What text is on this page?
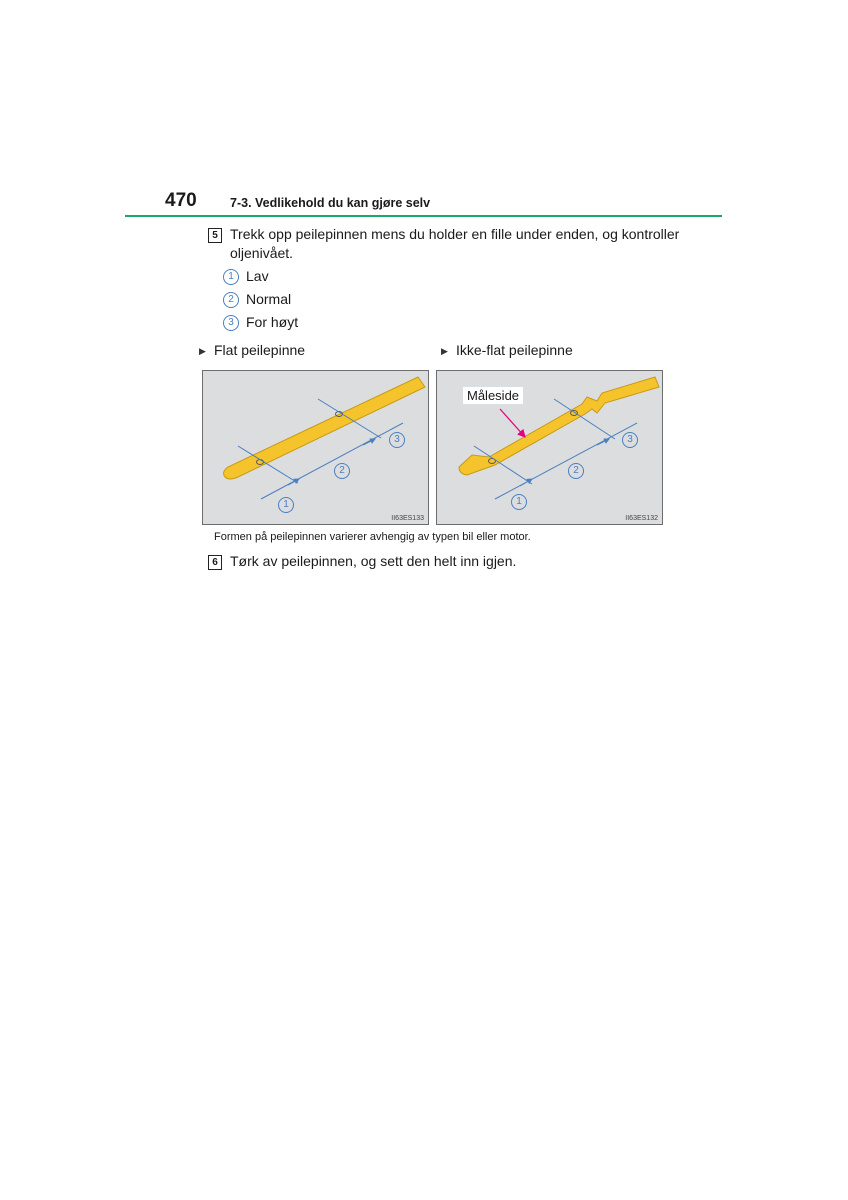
470	7-3. Vedlikehold du kan gjøre selv
5 Trekk opp peilepinnen mens du holder en fille under enden, og kontroller
oljenivået.
1 Lav
2 Normal
3 For høyt
▶ Flat peilepinne	▶ Ikke-flat peilepinne
1
2
3
II63ES133
Måleside
1
2
3
II63ES132
Formen på peilepinnen varierer avhengig av typen bil eller motor.
6 Tørk av peilepinnen, og sett den helt inn igjen.
